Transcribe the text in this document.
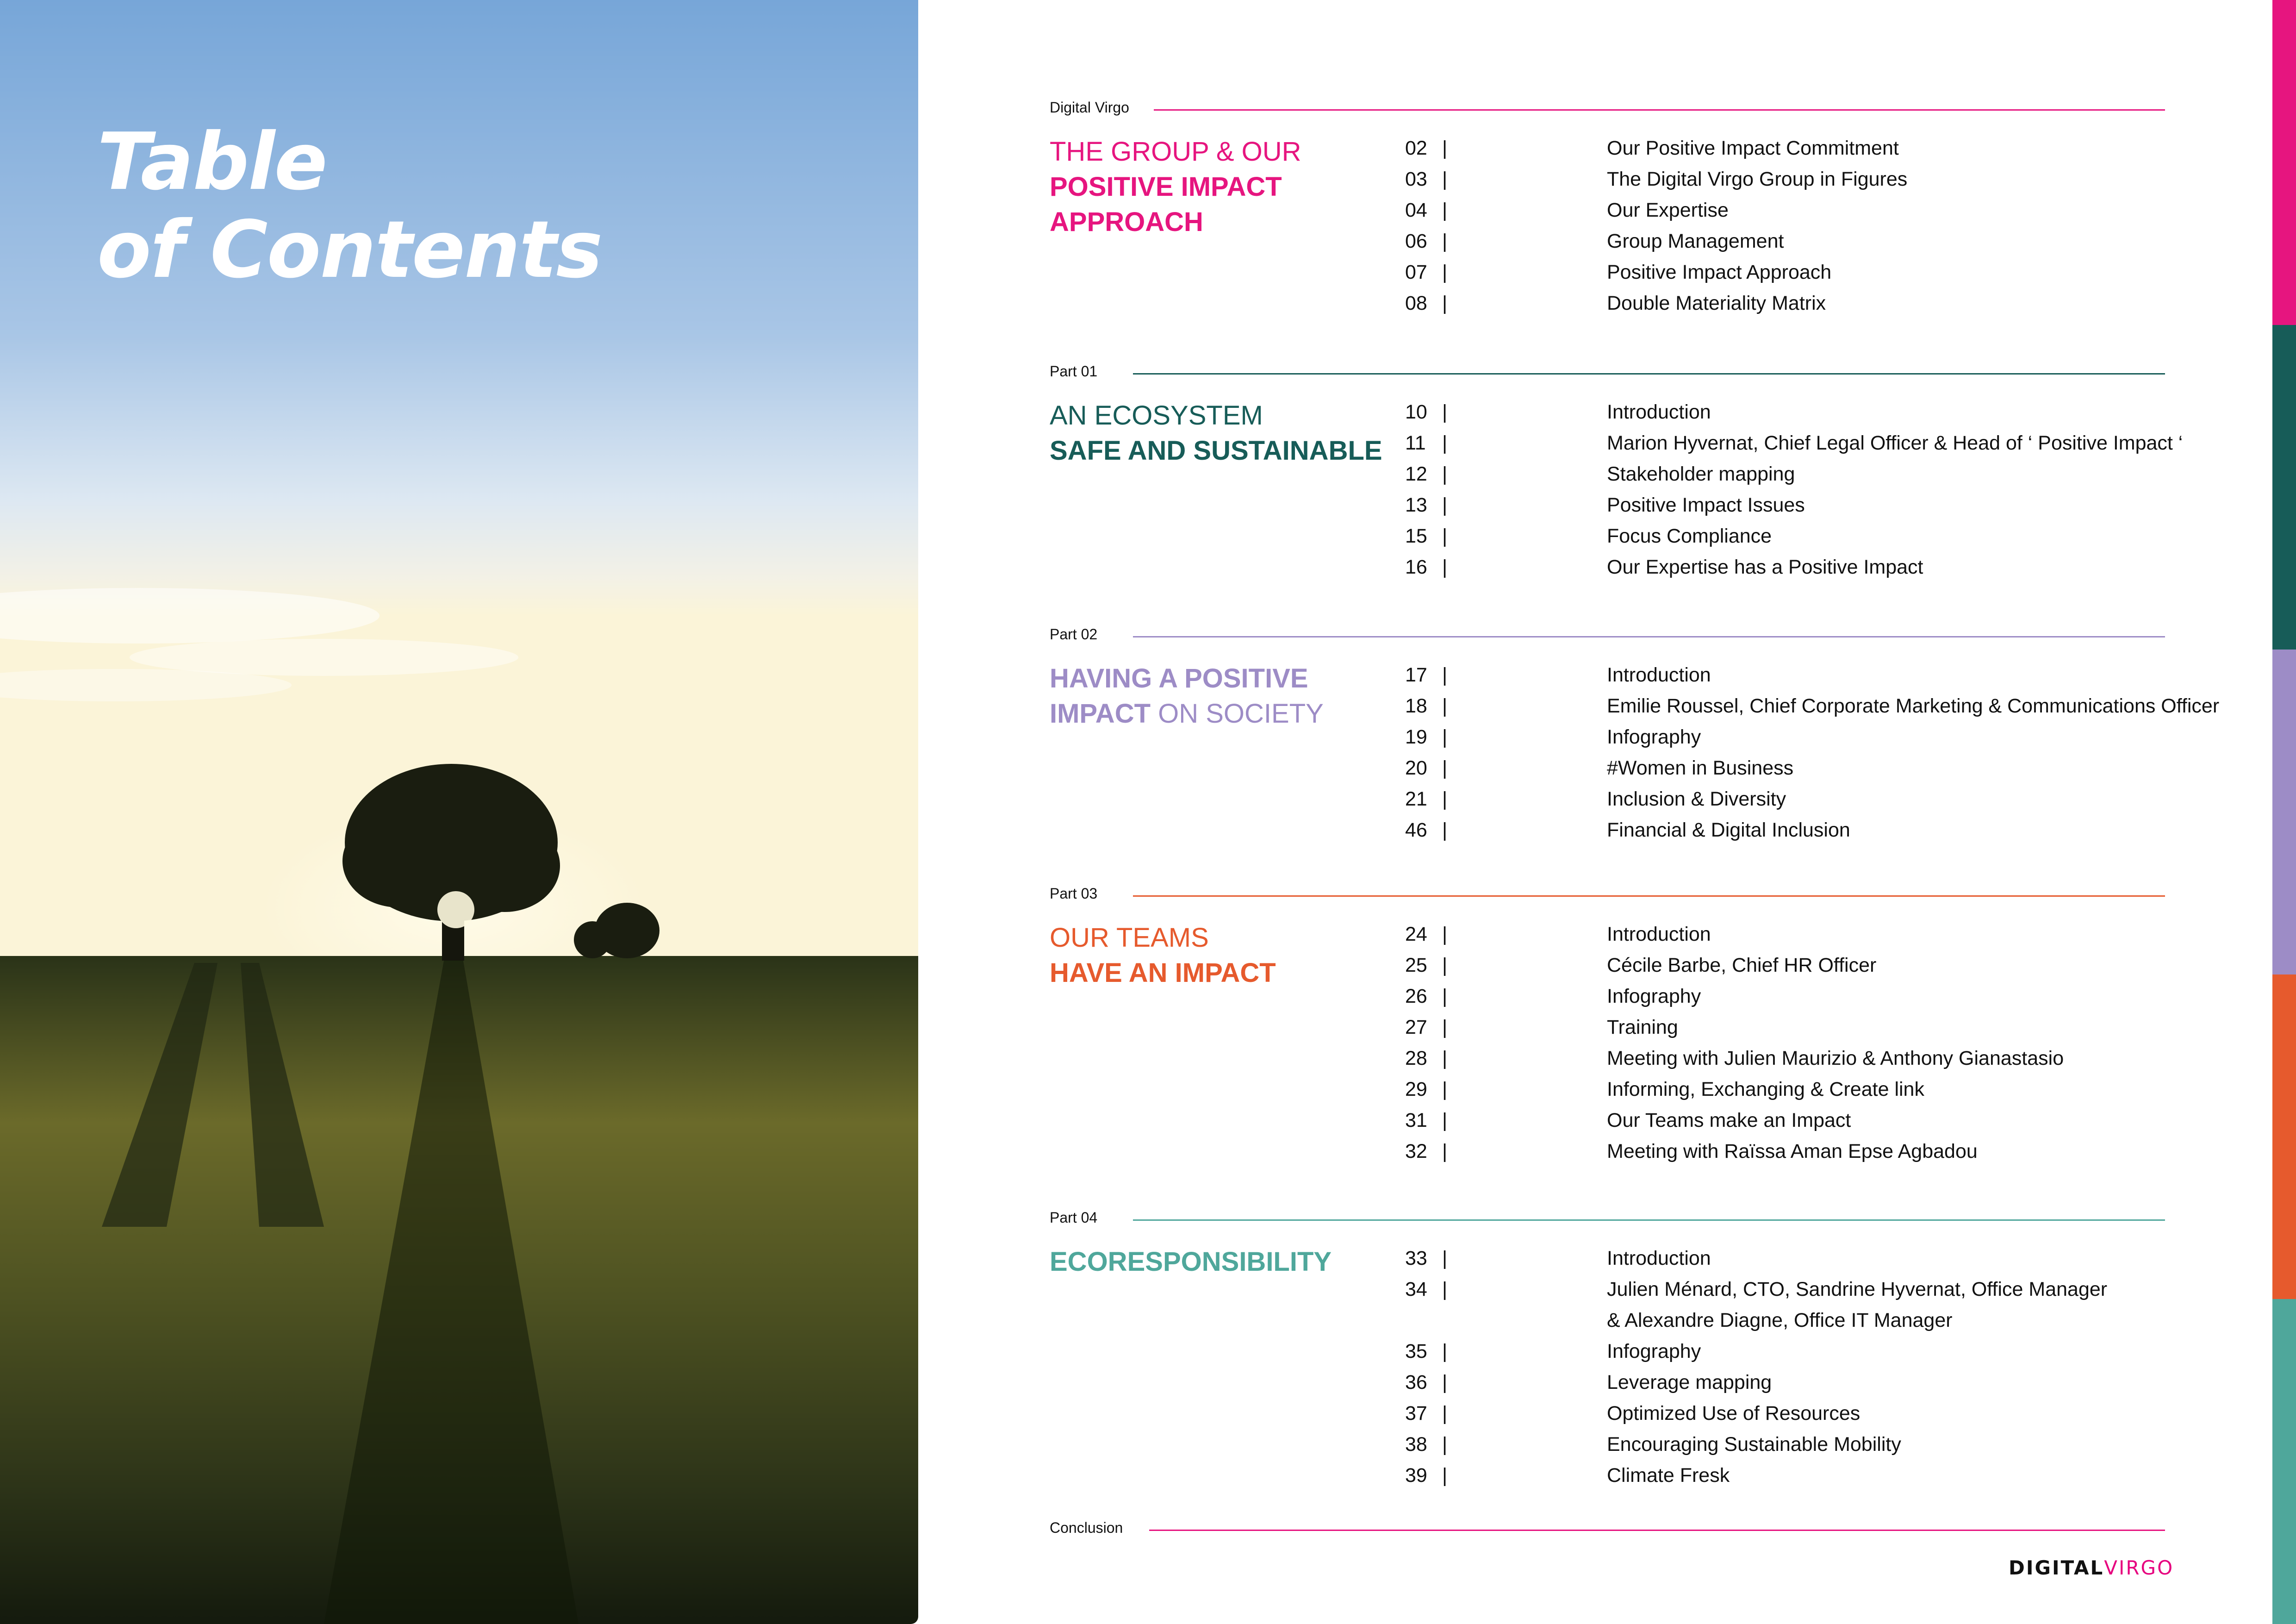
Table
of Contents
Digital Virgo
THE GROUP & OUR
POSITIVE IMPACT APPROACH
02 |	Our Positive Impact Commitment
03 |	The Digital Virgo Group in Figures
04 |	Our Expertise
06 |	Group Management
07 |	Positive Impact Approach
08 |	Double Materiality Matrix
Part 01
AN ECOSYSTEM
SAFE AND SUSTAINABLE
10 |	Introduction
11 |	Marion Hyvernat, Chief Legal Officer & Head of ‘ Positive Impact ‘
12 |	Stakeholder mapping
13 |	Positive Impact Issues
15 |	Focus Compliance
16 |	Our Expertise has a Positive Impact
Part 02
HAVING A POSITIVE
IMPACT ON SOCIETY
17 |	Introduction
18 |	Emilie Roussel, Chief Corporate Marketing & Communications Officer
19 |	Infography
20 |	#Women in Business
21 |	Inclusion & Diversity
46 |	Financial & Digital Inclusion
Part 03
OUR TEAMS
HAVE AN IMPACT
24 |	Introduction
25 |	Cécile Barbe, Chief HR Officer
26 |	Infography
27 |	Training
28 |	Meeting with Julien Maurizio & Anthony Gianastasio
29 |	Informing, Exchanging & Create link
31 |	Our Teams make an Impact
32 |	Meeting with Raïssa Aman Epse Agbadou
Part 04
ECORESPONSIBILITY	33 |	Introduction
34 |	Julien Ménard, CTO, Sandrine Hyvernat, Office Manager
& Alexandre Diagne, Office IT Manager
35 |	Infography
36 |	Leverage mapping
37 |	Optimized Use of Resources
38 |	Encouraging Sustainable Mobility
39 |	Climate Fresk
Conclusion
DIGITALVIRGO
